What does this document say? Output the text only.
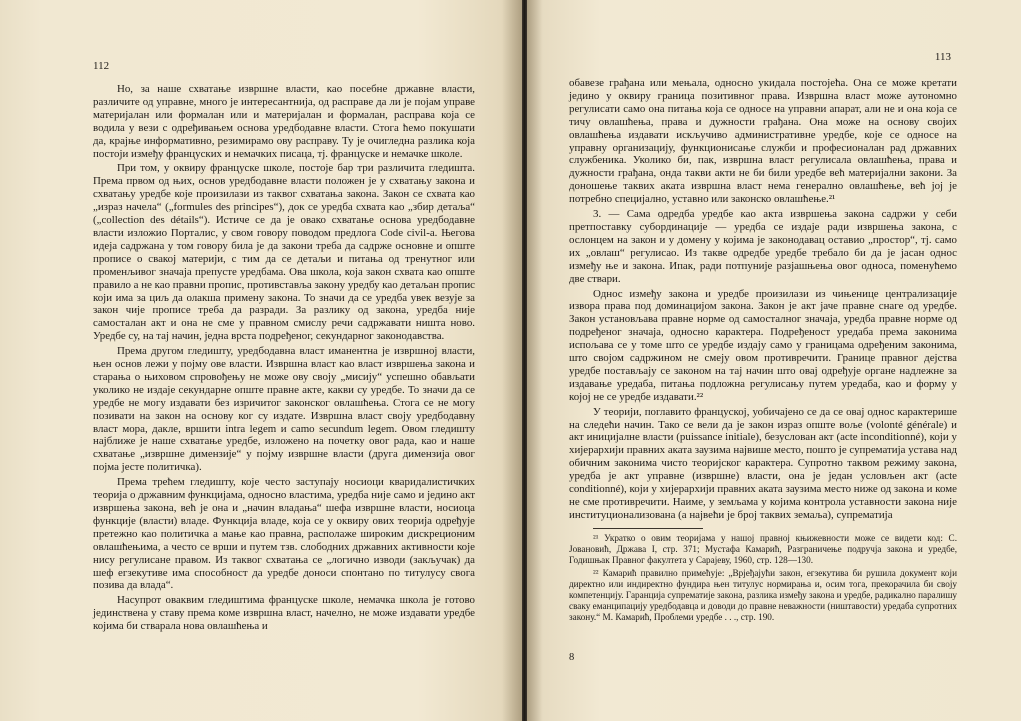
112

Но, за наше схватање извршне власти, као посебне државне власти, различите од управне, много је интересантнија, од расправе да ли је појам управе материјалан или формалан или и материјалан и формалан, расправа која се водила у вези с одређивањем основа уредбодавне власти. Стога ћемо покушати да, крајње информативно, резимирамо ову расправу. Ту је очигледна разлика која постоји између француских и немачких писаца, тј. француске и немачке школе.

При том, у оквиру француске школе, постоје бар три различита гледишта. Према првом од њих, основ уредбодавне власти положен је у схватању закона и схватању уредбе које произилази из таквог схватања закона. Закон се схвата као „израз начела“ („formules des principes“), док се уредба схвата као „збир детаља“ („collection des détails“). Истиче се да је овако схватање основа уредбодавне власти изложио Порталис, у свом говору поводом предлога Code civil-а. Његова идеја садржана у том говору била је да закони треба да садрже основне и опште прописе о свакој материји, с тим да се детаљи и питања од тренутног или променљивог значаја препусте уредбама. Ова школа, која закон схвата као опште правило а не као правни пропис, противставља закону уредбу као детаљан пропис који има за циљ да олакша примену закона. То значи да се уредба увек везује за закон чије прописе треба да разради. За разлику од закона, уредба није самосталан акт и она не сме у правном смислу речи садржавати ништа ново. Уредбе су, на тај начин, једна врста подређеног, секундарног законодавства.

Према другом гледишту, уредбодавна власт иманентна је извршној власти, њен основ лежи у појму ове власти. Извршна власт као власт извршења закона и старања о њиховом спровођењу не може ову своју „мисију“ успешно обављати уколико не издаје секундарне опште правне акте, какви су уредбе. То значи да се уредбе не могу издавати без изричитог законског овлашћења. Стога се не могу позивати на закон на основу ког су издате. Извршна власт своју уредбодавну власт мора, дакле, вршити intra legem и camo secundum legem. Овом гледишту најближе је наше схватање уредбе, изложено на почетку овог рада, као и наше схватање „извршне димензије“ у појму извршне власти (друга димензија овог појма јесте политичка).

Према трећем гледишту, које често заступају носиоци кваридалистичких теорија о државним функцијама, односно властима, уредба није само и једино акт извршења закона, већ је она и „начин владања“ шефа извршне власти, носиоца функције (власти) владе. Функција владе, која се у оквиру ових теорија одређује претежно као политичка а мање као правна, располаже широким дискреционим овлашћењима, а често се врши и путем тзв. слободних државних активности које нису регулисане правом. Из таквог схватања се „логично изводи (закључак) да шеф егзекутиве има способност да уредбе доноси спонтано по титулусу свога позива да влада“.

Насупрот оваквим гледиштима француске школе, немачка школа је готово јединствена у ставу према коме извршна власт, начелно, не може издавати уредбе којима би стварала нова овлашћења и

113

обавезе грађана или мењала, односно укидала постојећа. Она се може кретати једино у оквиру граница позитивног права. Извршна власт може аутономно регулисати само она питања која се односе на управни апарат, али не и она која се тичу овлашћења, права и дужности грађана. Она може на основу својих овлашћења издавати искључиво административне уредбе, које се односе на управну организацију, функционисање служби и професионалан рад државних службеника. Уколико би, пак, извршна власт регулисала овлашћења, права и дужности грађана, онда такви акти не би били уредбе већ материјални закони. За доношење таквих аката извршна власт нема генерално овлашћење, већ јој је потребно специјално, уставно или законско овлашћење.²¹

3. — Сама одредба уредбе као акта извршења закона садржи у себи претпоставку субординације — уредба се издаје ради извршења закона, с ослонцем на закон и у домену у којима је законодавац оставио „простор“, тј. само их „овлаш“ регулисао. Из такве одредбе уредбе требало би да је јасан однос између ње и закона. Ипак, ради потпуније разјашњења овог односа, поменућемо две ствари.

Однос између закона и уредбе произилази из чињенице централизације извора права под доминацијом закона. Закон је акт јаче правне снаге од уредбе. Закон установљава правне норме од самосталног значаја, уредба правне норме од подређеног значаја, односно карактера. Подређеност уредаба према законима испољава се у томе што се уредбе издају само у границама одређеним законима, што својом садржином не смеју овом противречити. Границе правног дејства уредбе постављају се законом на тај начин што овај одређује органе надлежне за издавање уредаба, питања подложна регулисању путем уредаба, као и форму у којој не се уредбе издавати.²²

У теорији, поглавито француској, уобичајено се да се овај однос карактерише на следећи начин. Тако се вели да је закон израз опште воље (volonté générale) и акт иницијалне власти (puissance initiale), безуслован акт (acte inconditionné), који у хијерархији правних аката заузима највише место, пошто је супрематија устава над обичним законима чисто теоријског карактера. Супротно таквом режиму закона, уредба је акт управне (извршне) власти, она је један условљен акт (acte conditionné), који у хијерархији правних аката заузима место ниже од закона и коме не сме противречити. Наиме, у земљама у којима контрола уставности закона није институционализована (а највећи је број таквих земаља), супрематија

²¹ Укратко о овим теоријама у нашој правној књижевности може се видети код: С. Јовановић, Држава I, стр. 371; Мустафа Камарић, Разграничење подручја закона и уредбе, Годишњак Правног факултета у Сарајеву, 1960, стр. 128—130.

²² Камарић правилно примећује: „Врјеђајући закон, егзекутива би рушила документ који директно или индиректно фундира њен титулус нормирања и, осим тога, прекорачила би своју компетенцију. Гаранција супрематије закона, разлика између закона и уредбе, радикално паралишу сваку еманципацију уредбодавца и доводи до правне неважности (ништавости) уредаба супротних закону.“ М. Камарић, Проблеми уредбе . . ., стр. 190.

8
